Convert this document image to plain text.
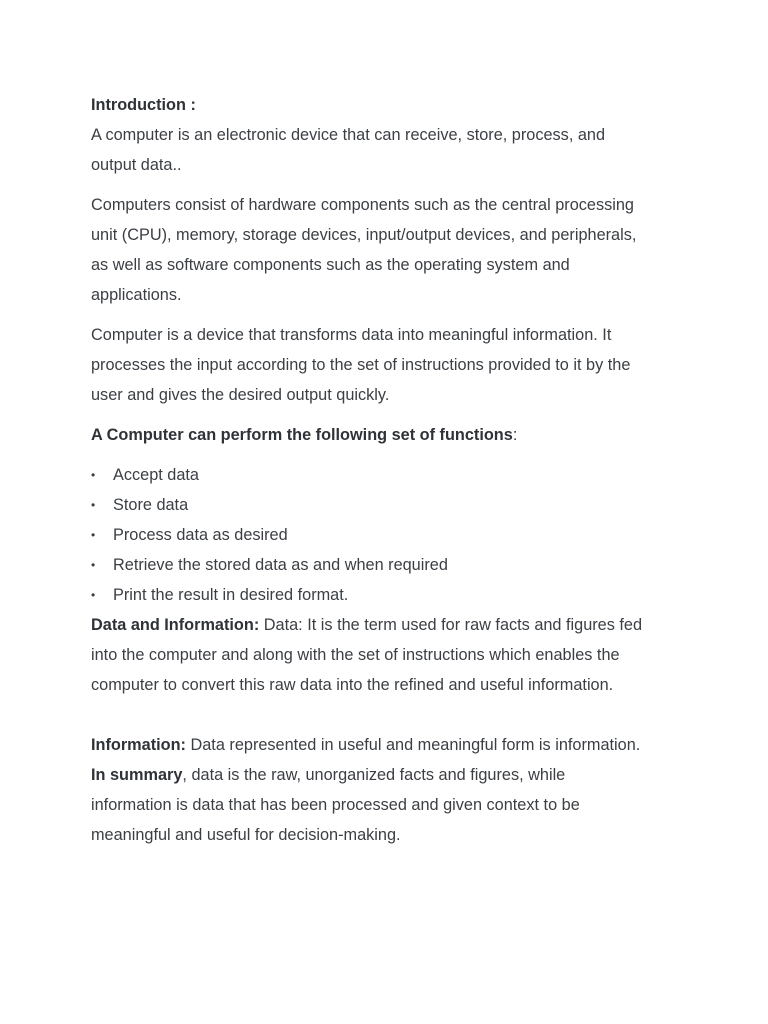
Introduction :
A computer is an electronic device that can receive, store, process, and
output data..

Computers consist of hardware components such as the central processing
unit (CPU), memory, storage devices, input/output devices, and peripherals,
as well as software components such as the operating system and
applications.

Computer is a device that transforms data into meaningful information. It
processes the input according to the set of instructions provided to it by the
user and gives the desired output quickly.

A Computer can perform the following set of functions:

• Accept data
• Store data
• Process data as desired
• Retrieve the stored data as and when required
• Print the result in desired format.
Data and Information: Data: It is the term used for raw facts and figures fed
into the computer and along with the set of instructions which enables the
computer to convert this raw data into the refined and useful information.
Information: Data represented in useful and meaningful form is information.
In summary, data is the raw, unorganized facts and figures, while
information is data that has been processed and given context to be
meaningful and useful for decision-making.
